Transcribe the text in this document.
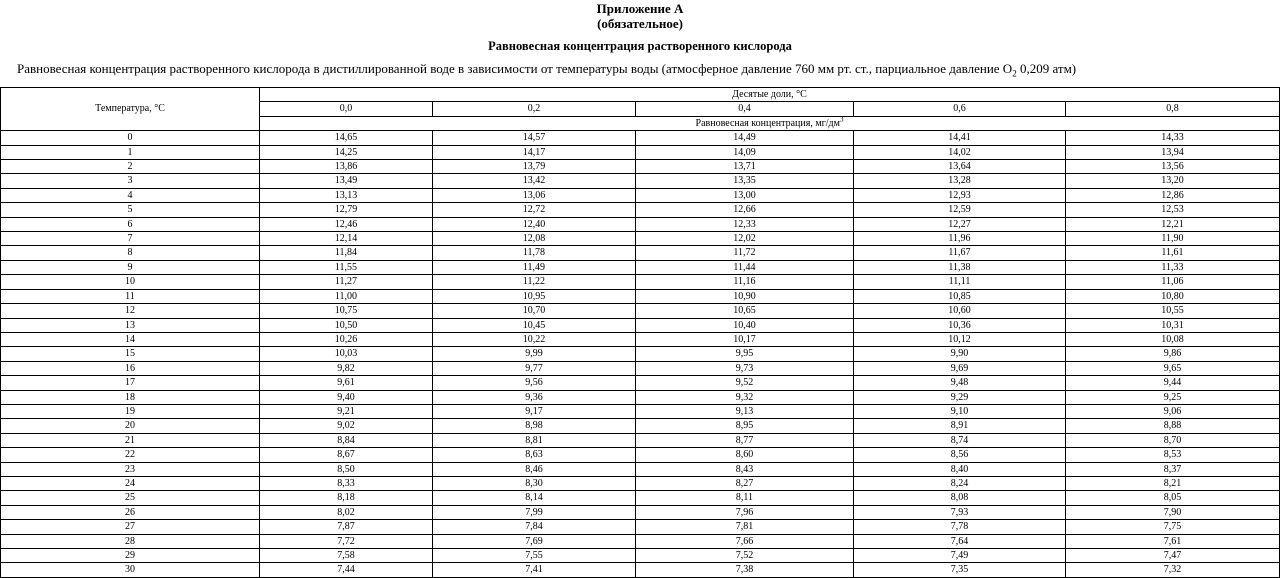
Приложение А
(обязательное)
Равновесная концентрация растворенного кислорода
Равновесная концентрация растворенного кислорода в дистиллированной воде в зависимости от температуры воды (атмосферное давление 760 мм рт. ст., парциальное давление $O_2$ 0,209 атм)
Температура, °С	Десятые доли, °С				
	0,0	0,2	0,4	0,6	0,8
	Равновесная концентрация, $мг/дм^3$
0	14,65	14,57	14,49	14,41	14,33
1	14,25	14,17	14,09	14,02	13,94
2	13,86	13,79	13,71	13,64	13,56
3	13,49	13,42	13,35	13,28	13,20
4	13,13	13,06	13,00	12,93	12,86
5	12,79	12,72	12,66	12,59	12,53
6	12,46	12,40	12,33	12,27	12,21
7	12,14	12,08	12,02	11,96	11,90
8	11,84	11,78	11,72	11,67	11,61
9	11,55	11,49	11,44	11,38	11,33
10	11,27	11,22	11,16	11,11	11,06
11	11,00	10,95	10,90	10,85	10,80
12	10,75	10,70	10,65	10,60	10,55
13	10,50	10,45	10,40	10,36	10,31
14	10,26	10,22	10,17	10,12	10,08
15	10,03	9,99	9,95	9,90	9,86
16	9,82	9,77	9,73	9,69	9,65
17	9,61	9,56	9,52	9,48	9,44
18	9,40	9,36	9,32	9,29	9,25
19	9,21	9,17	9,13	9,10	9,06
20	9,02	8,98	8,95	8,91	8,88
21	8,84	8,81	8,77	8,74	8,70
22	8,67	8,63	8,60	8,56	8,53
23	8,50	8,46	8,43	8,40	8,37
24	8,33	8,30	8,27	8,24	8,21
25	8,18	8,14	8,11	8,08	8,05
26	8,02	7,99	7,96	7,93	7,90
27	7,87	7,84	7,81	7,78	7,75
28	7,72	7,69	7,66	7,64	7,61
29	7,58	7,55	7,52	7,49	7,47
30	7,44	7,41	7,38	7,35	7,32
